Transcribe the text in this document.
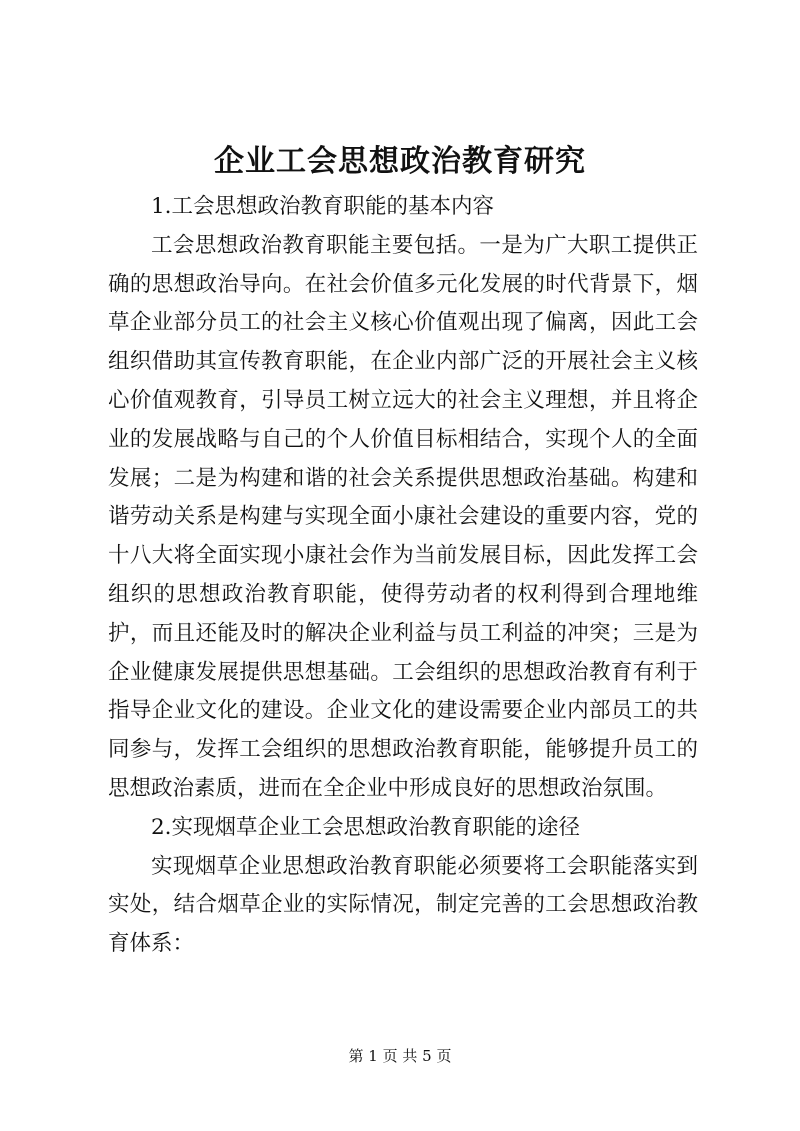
企业工会思想政治教育研究

1.工会思想政治教育职能的基本内容

工会思想政治教育职能主要包括。一是为广大职工提供正确的思想政治导向。在社会价值多元化发展的时代背景下，烟草企业部分员工的社会主义核心价值观出现了偏离，因此工会组织借助其宣传教育职能，在企业内部广泛的开展社会主义核心价值观教育，引导员工树立远大的社会主义理想，并且将企业的发展战略与自己的个人价值目标相结合，实现个人的全面发展；二是为构建和谐的社会关系提供思想政治基础。构建和谐劳动关系是构建与实现全面小康社会建设的重要内容，党的十八大将全面实现小康社会作为当前发展目标，因此发挥工会组织的思想政治教育职能，使得劳动者的权利得到合理地维护，而且还能及时的解决企业利益与员工利益的冲突；三是为企业健康发展提供思想基础。工会组织的思想政治教育有利于指导企业文化的建设。企业文化的建设需要企业内部员工的共同参与，发挥工会组织的思想政治教育职能，能够提升员工的思想政治素质，进而在全企业中形成良好的思想政治氛围。

2.实现烟草企业工会思想政治教育职能的途径

实现烟草企业思想政治教育职能必须要将工会职能落实到实处，结合烟草企业的实际情况，制定完善的工会思想政治教育体系：

第 1 页 共 5 页
